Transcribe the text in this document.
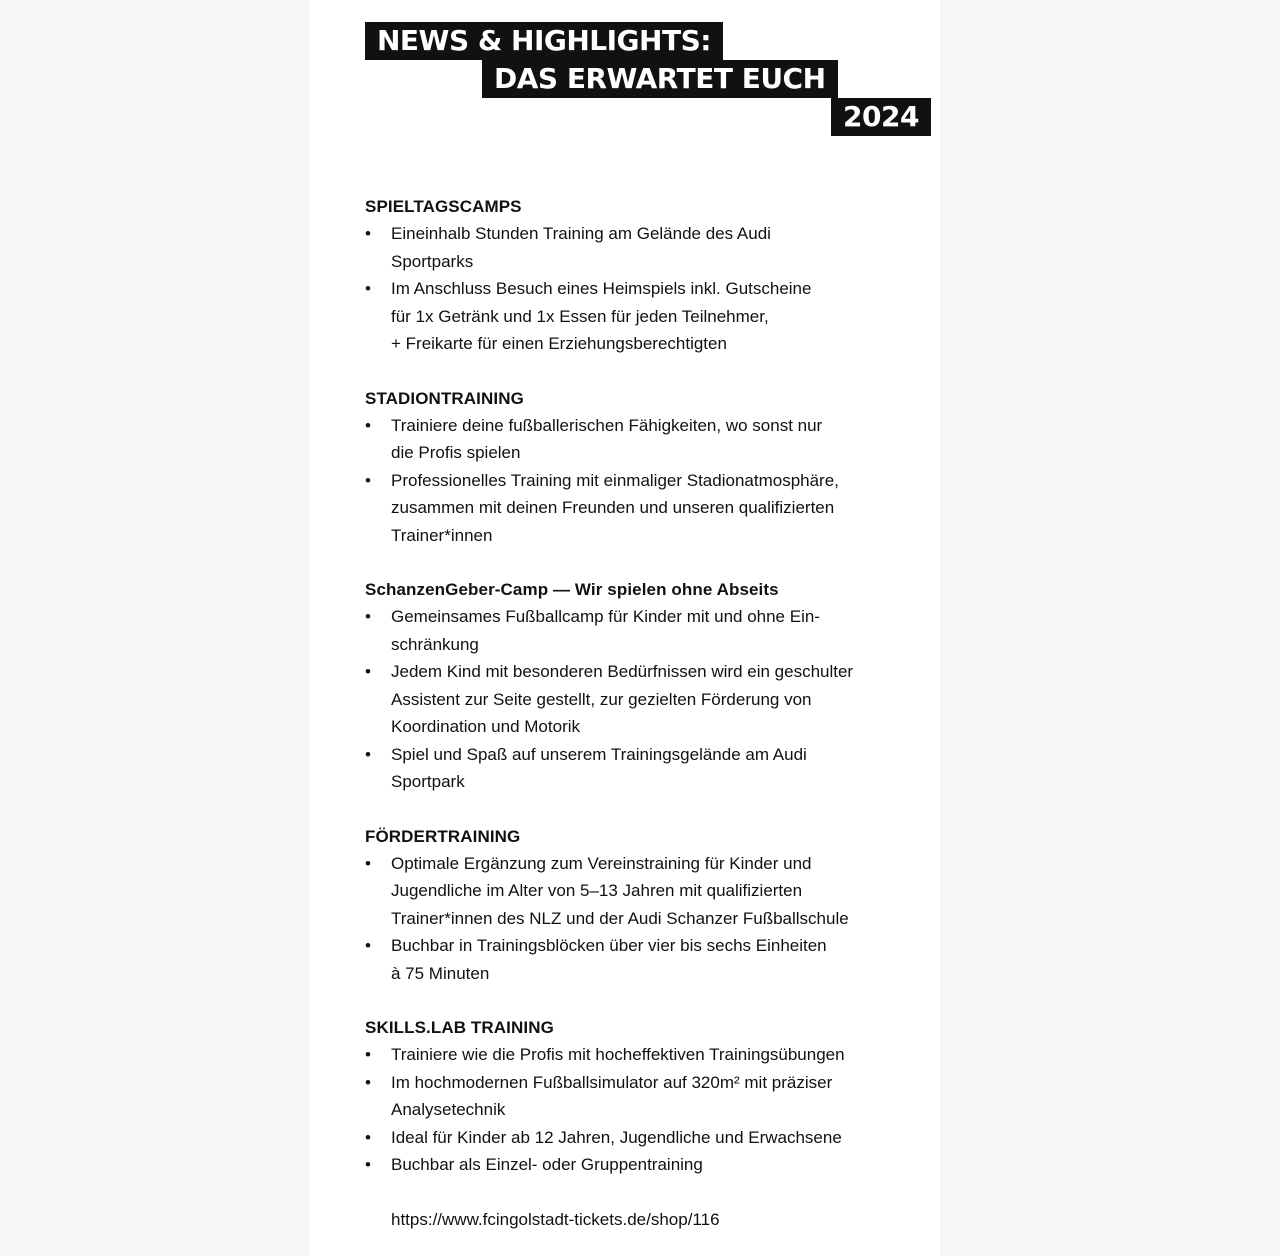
NEWS & HIGHLIGHTS:
DAS ERWARTET EUCH
2024
SPIELTAGSCAMPS
• Eineinhalb Stunden Training am Gelände des Audi
Sportparks
• Im Anschluss Besuch eines Heimspiels inkl. Gutscheine
für 1x Getränk und 1x Essen für jeden Teilnehmer,
+ Freikarte für einen Erziehungsberechtigten
STADIONTRAINING
• Trainiere deine fußballerischen Fähigkeiten, wo sonst nur
die Profis spielen
• Professionelles Training mit einmaliger Stadionatmosphäre,
zusammen mit deinen Freunden und unseren qualifizierten
Trainer*innen
SchanzenGeber-Camp — Wir spielen ohne Abseits
• Gemeinsames Fußballcamp für Kinder mit und ohne Ein-
schränkung
• Jedem Kind mit besonderen Bedürfnissen wird ein geschulter
Assistent zur Seite gestellt, zur gezielten Förderung von
Koordination und Motorik
• Spiel und Spaß auf unserem Trainingsgelände am Audi
Sportpark
FÖRDERTRAINING
• Optimale Ergänzung zum Vereinstraining für Kinder und
Jugendliche im Alter von 5–13 Jahren mit qualifizierten
Trainer*innen des NLZ und der Audi Schanzer Fußballschule
• Buchbar in Trainingsblöcken über vier bis sechs Einheiten
à 75 Minuten
SKILLS.LAB TRAINING
• Trainiere wie die Profis mit hocheffektiven Trainingsübungen
• Im hochmodernen Fußballsimulator auf 320m² mit präziser
Analysetechnik
• Ideal für Kinder ab 12 Jahren, Jugendliche und Erwachsene
• Buchbar als Einzel- oder Gruppentraining
https://www.fcingolstadt-tickets.de/shop/116
